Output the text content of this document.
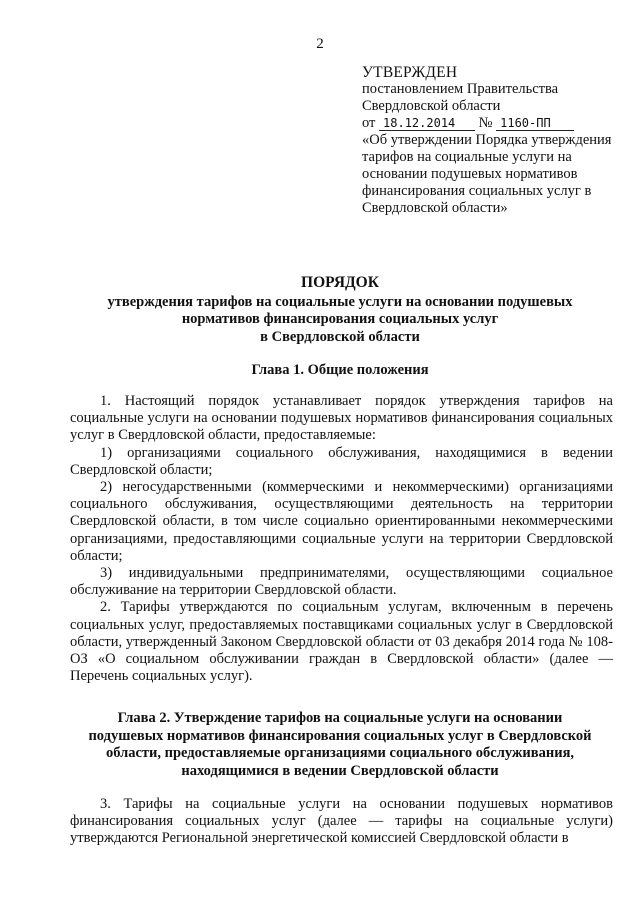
2
УТВЕРЖДЕН
постановлением Правительства
Свердловской области
от 18.12.2014 № 1160-ПП
«Об утверждении Порядка утверждения тарифов на социальные услуги на основании подушевых нормативов финансирования социальных услуг в Свердловской области»
ПОРЯДОК
утверждения тарифов на социальные услуги на основании подушевых
нормативов финансирования социальных услуг
в Свердловской области
Глава 1. Общие положения

1. Настоящий порядок устанавливает порядок утверждения тарифов на социальные услуги на основании подушевых нормативов финансирования социальных услуг в Свердловской области, предоставляемые:

1) организациями социального обслуживания, находящимися в ведении Свердловской области;

2) негосударственными (коммерческими и некоммерческими) организациями социального обслуживания, осуществляющими деятельность на территории Свердловской области, в том числе социально ориентированными некоммерческими организациями, предоставляющими социальные услуги на территории Свердловской области;

3) индивидуальными предпринимателями, осуществляющими социальное обслуживание на территории Свердловской области.

2. Тарифы утверждаются по социальным услугам, включенным в перечень социальных услуг, предоставляемых поставщиками социальных услуг в Свердловской области, утвержденный Законом Свердловской области от 03 декабря 2014 года № 108-ОЗ «О социальном обслуживании граждан в Свердловской области» (далее — Перечень социальных услуг).

Глава 2. Утверждение тарифов на социальные услуги на основании
подушевых нормативов финансирования социальных услуг в Свердловской
области, предоставляемые организациями социального обслуживания,
находящимися в ведении Свердловской области

3. Тарифы на социальные услуги на основании подушевых нормативов финансирования социальных услуг (далее — тарифы на социальные услуги) утверждаются Региональной энергетической комиссией Свердловской области в
